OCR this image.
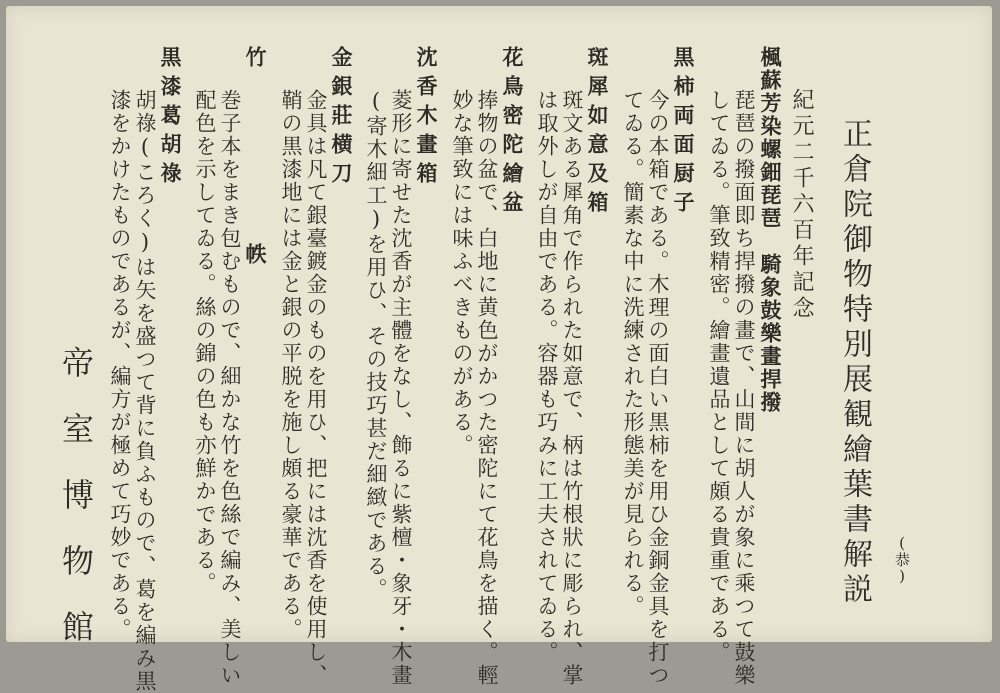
(恭)

正倉院御物特別展観繪葉書解説

紀元二千六百年記念

楓蘇芳染螺鈿琵琶　騎象鼓樂畫捍撥

琵琶の撥面即ち捍撥の畫で、山間に胡人が象に乘つて鼓樂

してゐる。筆致精密。繪畫遺品として頗る貴重である。

黒柿両面厨子

今の本箱である。木理の面白い黒柿を用ひ金銅金具を打つ

てゐる。簡素な中に洗練された形態美が見られる。

斑犀如意及箱

斑文ある犀角で作られた如意で、柄は竹根狀に彫られ、掌

は取外しが自由である。容器も巧みに工夫されてゐる。

花鳥密陀繪盆

捧物の盆で、白地に黄色がかつた密陀にて花鳥を描く。輕

妙な筆致には味ふべきものがある。

沈香木畫箱

菱形に寄せた沈香が主體をなし、飾るに紫檀・象牙・木畫

(寄木細工)を用ひ、その技巧甚だ細緻である。

金銀莊横刀

金具は凡て銀臺鍍金のものを用ひ、把には沈香を使用し、

鞘の黒漆地には金と銀の平脱を施し頗る豪華である。

竹帙

巻子本をまき包むもので、細かな竹を色絲で編み、美しい

配色を示してゐる。絲の錦の色も亦鮮かである。

黒漆葛胡祿

胡祿(ころく)は矢を盛つて背に負ふもので、葛を編み黒

漆をかけたものであるが、編方が極めて巧妙である。

帝室博物館
